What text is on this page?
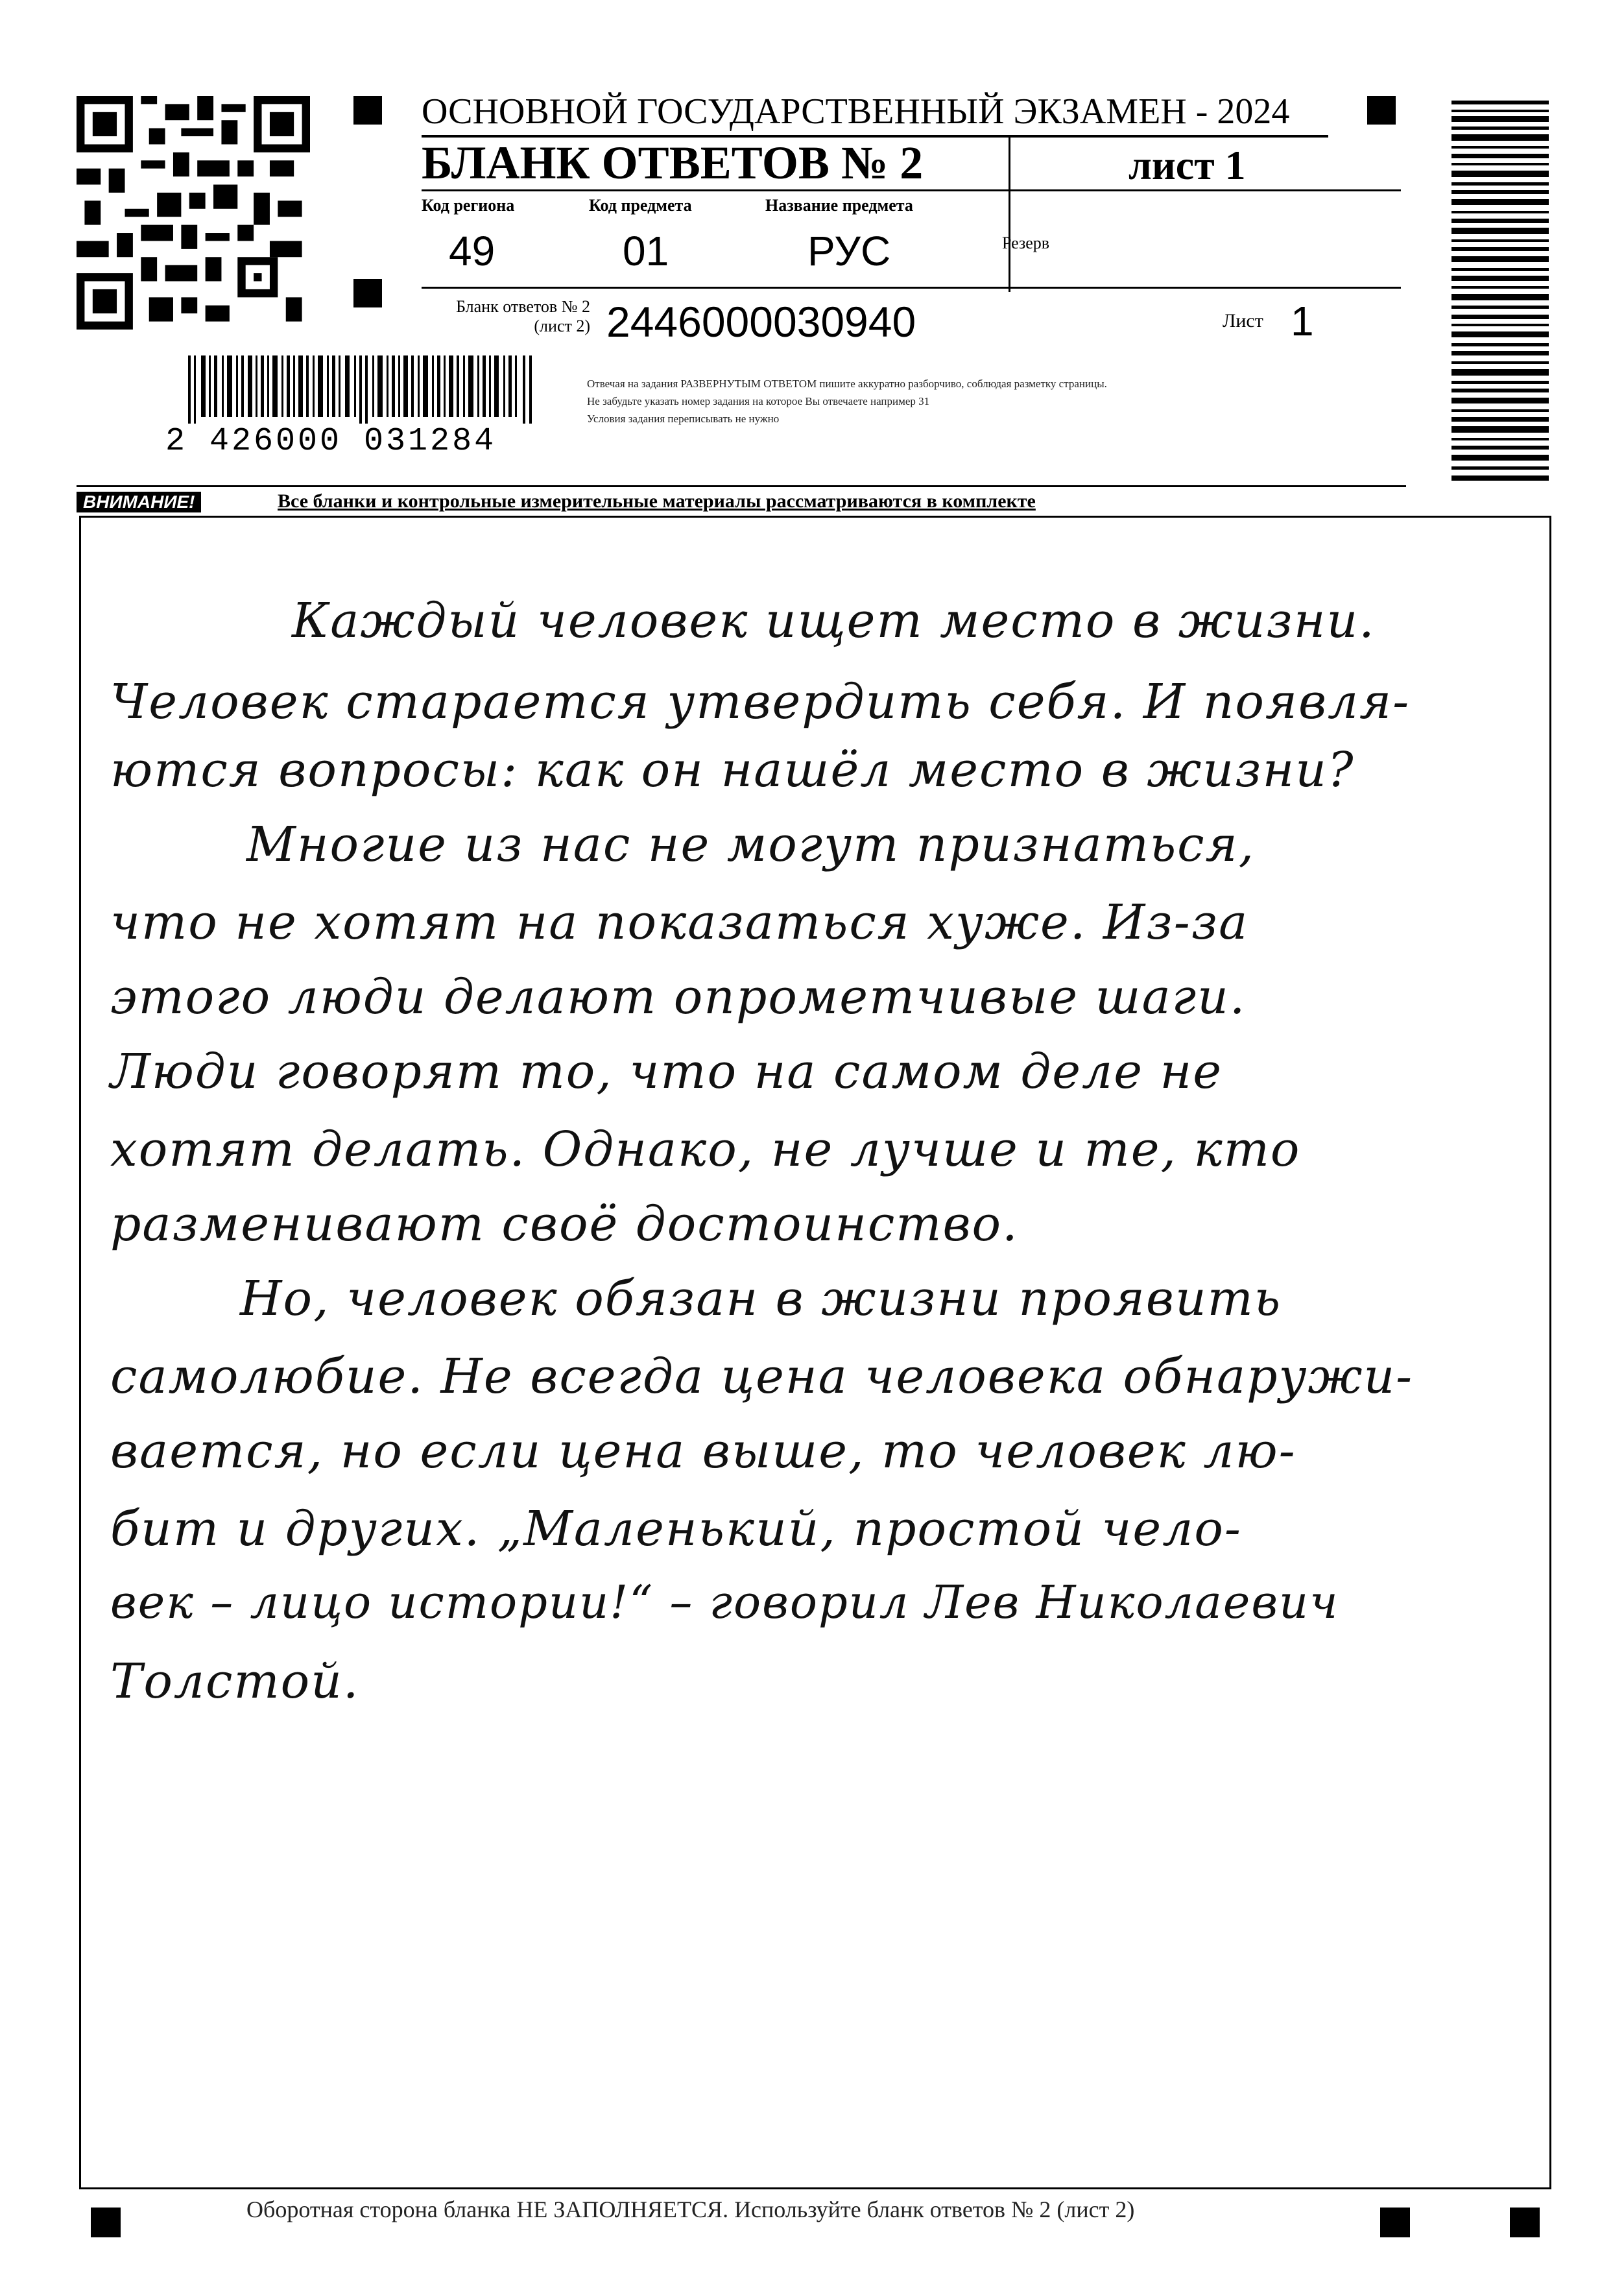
2 426000 031284
ОСНОВНОЙ ГОСУДАРСТВЕННЫЙ ЭКЗАМЕН - 2024
БЛАНК ОТВЕТОВ № 2	лист 1
Код региона
49
Код предмета
01
Название предмета
РУС	Резерв
Бланк ответов № 2
(лист 2) 2446000030940	Лист 1
Отвечая на задания РАЗВЕРНУТЫМ ОТВЕТОМ пишите аккуратно разборчиво, соблюдая разметку страницы.
Не забудьте указать номер задания на которое Вы отвечаете например 31
Условия задания переписывать не нужно
ВНИМАНИЕ!	Все бланки и контрольные измерительные материалы рассматриваются в комплекте
Каждый человек ищет место в жизни.
Человек старается утвердить себя. И появля-
ются вопросы: как он нашёл место в жизни?
Многие из нас не могут признаться,
что не хотят на показаться хуже. Из-за
этого люди делают опрометчивые шаги.
Люди говорят то, что на самом деле не
хотят делать. Однако, не лучше и те, кто
разменивают своё достоинство.
Но, человек обязан в жизни проявить
самолюбие. Не всегда цена человека обнаружи-
вается, но если цена выше, то человек лю-
бит и других. „Маленький, простой чело-
век – лицо истории!“ – говорил Лев Николаевич
Толстой.
Оборотная сторона бланка НЕ ЗАПОЛНЯЕТСЯ. Используйте бланк ответов № 2 (лист 2)
